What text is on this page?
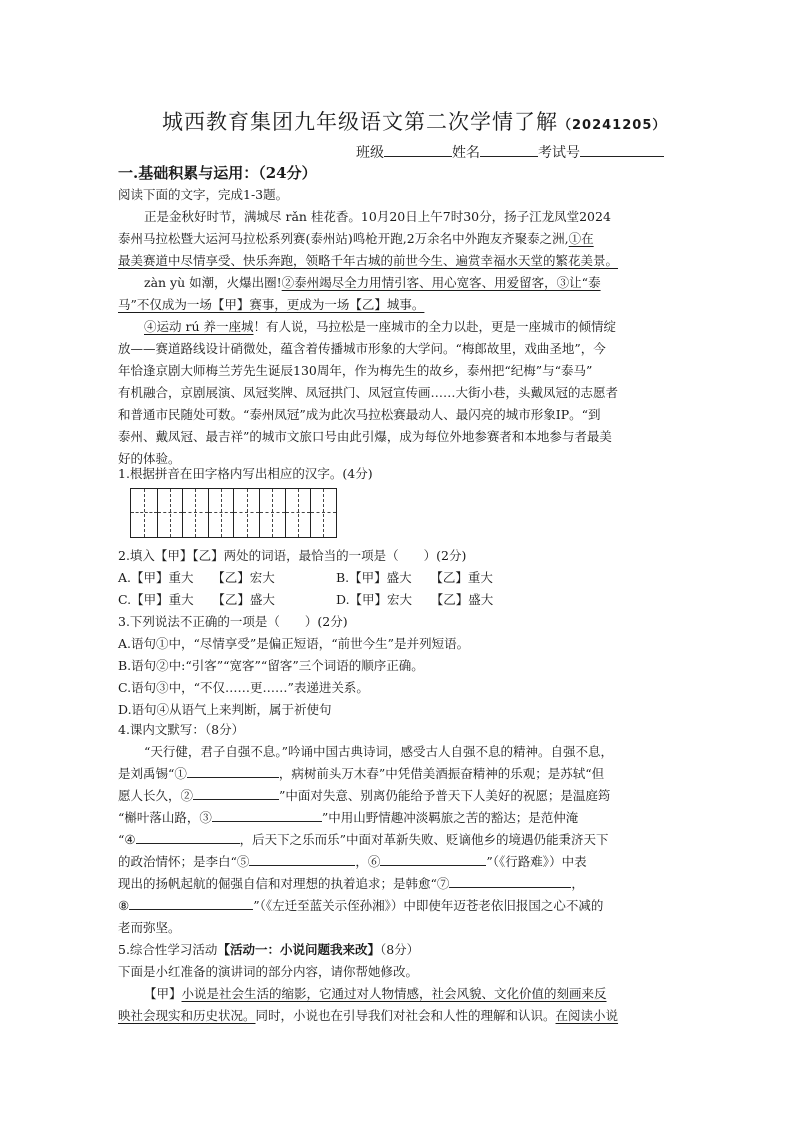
城西教育集团九年级语文第二次学情了解（20241205）
班级	姓名	考试号
一.基础积累与运用：（24分）
阅读下面的文字，完成1-3题。
正是金秋好时节，满城尽 rǎn 桂花香。10月20日上午7时30分，扬子江龙凤堂2024
泰州马拉松暨大运河马拉松系列赛(泰州站)鸣枪开跑,2万余名中外跑友齐聚泰之洲,①在
最美赛道中尽情享受、快乐奔跑，领略千年古城的前世今生、遍赏幸福水天堂的繁花美景。
zàn yù 如潮，火爆出圈!②泰州竭尽全力用情引客、用心宽客、用爱留客，③让“泰
马”不仅成为一场【甲】赛事，更成为一场【乙】城事。
④运动 rú 养一座城！有人说，马拉松是一座城市的全力以赴，更是一座城市的倾情绽
放——赛道路线设计硝微处，蕴含着传播城市形象的大学问。“梅郎故里，戏曲圣地”，今
年恰逢京剧大师梅兰芳先生诞辰130周年，作为梅先生的故乡，泰州把“纪梅”与“泰马”
有机融合，京剧展演、凤冠奖牌、凤冠拱门、凤冠宣传画……大街小巷，头戴凤冠的志愿者
和普通市民随处可数。“泰州凤冠”成为此次马拉松赛最动人、最闪亮的城市形象IP。“到
泰州、戴凤冠、最吉祥”的城市文旅口号由此引爆，成为每位外地参赛者和本地参与者最美
好的体验。
1.根据拼音在田字格内写出相应的汉字。(4分)
2.填入【甲】【乙】两处的词语，最恰当的一项是（　　）(2分)
A.【甲】重大　　【乙】宏大	B.【甲】盛大　　【乙】重大
C.【甲】重大　　【乙】盛大	D.【甲】宏大　　【乙】盛大
3.下列说法不正确的一项是（　　）(2分)
A.语句①中，“尽情享受”是偏正短语，“前世今生”是并列短语。
B.语句②中:“引客”“宽客”“留客”三个词语的顺序正确。
C.语句③中，“不仅……更……”表递进关系。
D.语句④从语气上来判断，属于祈使句
4.课内文默写：（8分）
“天行健，君子自强不息。”吟诵中国古典诗词，感受古人自强不息的精神。自强不息，
是刘禹锡“①	，病树前头万木春”中凭借美酒振奋精神的乐观；是苏轼“但
愿人长久，②	”中面对失意、别离仍能给予普天下人美好的祝愿；是温庭筠
“槲叶落山路，③	”中用山野情趣冲淡羁旅之苦的豁达；是范仲淹
“④	，后天下之乐而乐”中面对革新失败、贬谪他乡的境遇仍能秉济天下
的政治情怀；是李白“⑤	，⑥	”（《行路难》）中表
现出的扬帆起航的倔强自信和对理想的执着追求；是韩愈“⑦	，
⑧	”（《左迁至蓝关示侄孙湘》）中即使年迈苍老依旧报国之心不减的
老而弥坚。
5.综合性学习活动【活动一：小说问题我来改】（8分）
下面是小红准备的演讲词的部分内容，请你帮她修改。
【甲】小说是社会生活的缩影，它通过对人物情感，社会风貌、文化价值的刻画来反
映社会现实和历史状况。同时，小说也在引导我们对社会和人性的理解和认识。在阅读小说
